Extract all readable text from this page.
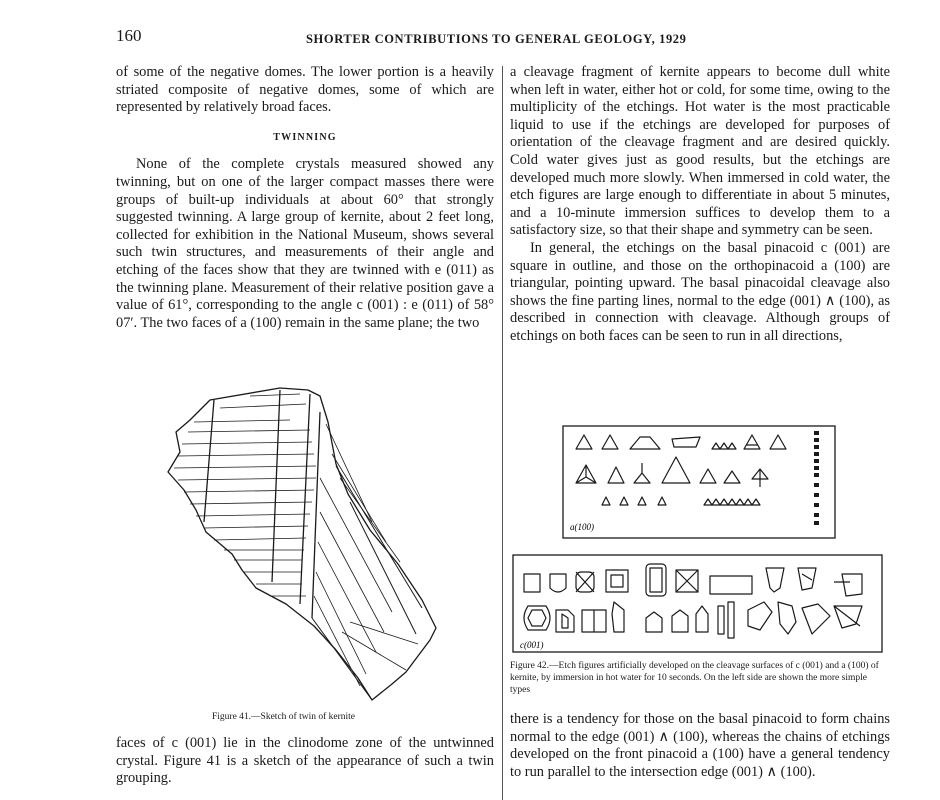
160	SHORTER CONTRIBUTIONS TO GENERAL GEOLOGY, 1929

of some of the negative domes. The lower portion is a heavily striated composite of negative domes, some of which are represented by relatively broad faces.

TWINNING

None of the complete crystals measured showed any twinning, but on one of the larger compact masses there were groups of built-up individuals at about 60° that strongly suggested twinning. A large group of kernite, about 2 feet long, collected for exhibition in the National Museum, shows several such twin structures, and measurements of their angle and etching of the faces show that they are twinned with e (011) as the twinning plane. Measurement of their relative position gave a value of 61°, corresponding to the angle c (001) : e (011) of 58° 07′. The two faces of a (100) remain in the same plane; the two

Figure 41.—Sketch of twin of kernite

faces of c (001) lie in the clinodome zone of the untwinned crystal. Figure 41 is a sketch of the appearance of such a twin grouping.

a cleavage fragment of kernite appears to become dull white when left in water, either hot or cold, for some time, owing to the multiplicity of the etchings. Hot water is the most practicable liquid to use if the etchings are developed for purposes of orientation of the cleavage fragment and are desired quickly. Cold water gives just as good results, but the etchings are developed much more slowly. When immersed in cold water, the etch figures are large enough to differentiate in about 5 minutes, and a 10-minute immersion suffices to develop them to a satisfactory size, so that their shape and symmetry can be seen.

In general, the etchings on the basal pinacoid c (001) are square in outline, and those on the orthopinacoid a (100) are triangular, pointing upward. The basal pinacoidal cleavage also shows the fine parting lines, normal to the edge (001) ∧ (100), as described in connection with cleavage. Although groups of etchings on both faces can be seen to run in all directions,

a(100)
c(001)
Figure 42.—Etch figures artificially developed on the cleavage surfaces of c (001) and a (100) of kernite, by immersion in hot water for 10 seconds. On the left side are shown the more simple types

there is a tendency for those on the basal pinacoid to form chains normal to the edge (001) ∧ (100), whereas the chains of etchings developed on the front pinacoid a (100) have a general tendency to run parallel to the intersection edge (001) ∧ (100).
